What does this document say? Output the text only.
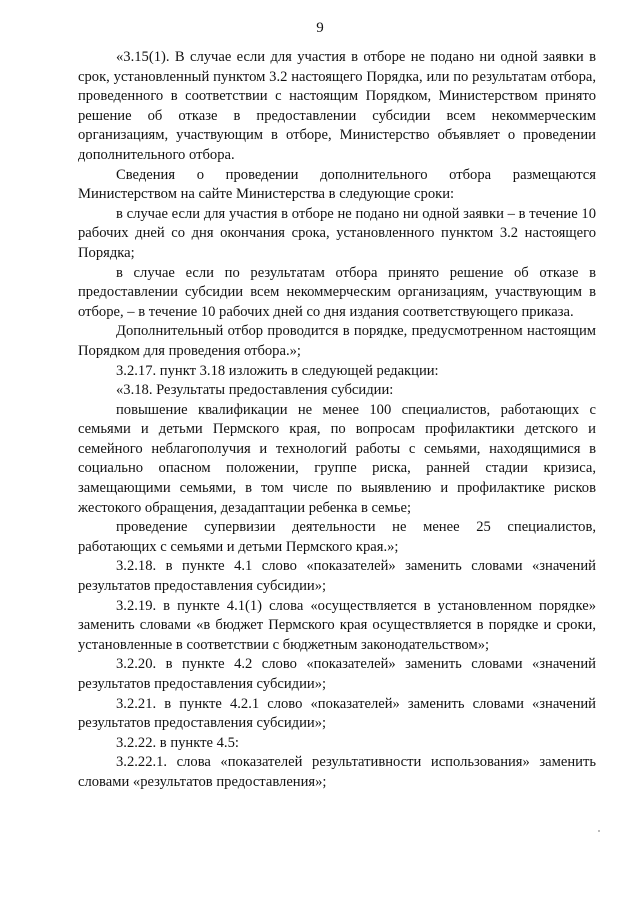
9

«3.15(1). В случае если для участия в отборе не подано ни одной заявки в срок, установленный пунктом 3.2 настоящего Порядка, или по результатам отбора, проведенного в соответствии с настоящим Порядком, Министерством принято решение об отказе в предоставлении субсидии всем некоммерческим организациям, участвующим в отборе, Министерство объявляет о проведении дополнительного отбора.

Сведения о проведении дополнительного отбора размещаются Министерством на сайте Министерства в следующие сроки:

в случае если для участия в отборе не подано ни одной заявки – в течение 10 рабочих дней со дня окончания срока, установленного пунктом 3.2 настоящего Порядка;

в случае если по результатам отбора принято решение об отказе в предоставлении субсидии всем некоммерческим организациям, участвующим в отборе, – в течение 10 рабочих дней со дня издания соответствующего приказа.

Дополнительный отбор проводится в порядке, предусмотренном настоящим Порядком для проведения отбора.»;

3.2.17. пункт 3.18 изложить в следующей редакции:

«3.18. Результаты предоставления субсидии:

повышение квалификации не менее 100 специалистов, работающих с семьями и детьми Пермского края, по вопросам профилактики детского и семейного неблагополучия и технологий работы с семьями, находящимися в социально опасном положении, группе риска, ранней стадии кризиса, замещающими семьями, в том числе по выявлению и профилактике рисков жестокого обращения, дезадаптации ребенка в семье;

проведение супервизии деятельности не менее 25 специалистов, работающих с семьями и детьми Пермского края.»;

3.2.18. в пункте 4.1 слово «показателей» заменить словами «значений результатов предоставления субсидии»;

3.2.19. в пункте 4.1(1) слова «осуществляется в установленном порядке» заменить словами «в бюджет Пермского края осуществляется в порядке и сроки, установленные в соответствии с бюджетным законодательством»;

3.2.20. в пункте 4.2 слово «показателей» заменить словами «значений результатов предоставления субсидии»;

3.2.21. в пункте 4.2.1 слово «показателей» заменить словами «значений результатов предоставления субсидии»;

3.2.22. в пункте 4.5:

3.2.22.1. слова «показателей результативности использования» заменить словами «результатов предоставления»;
